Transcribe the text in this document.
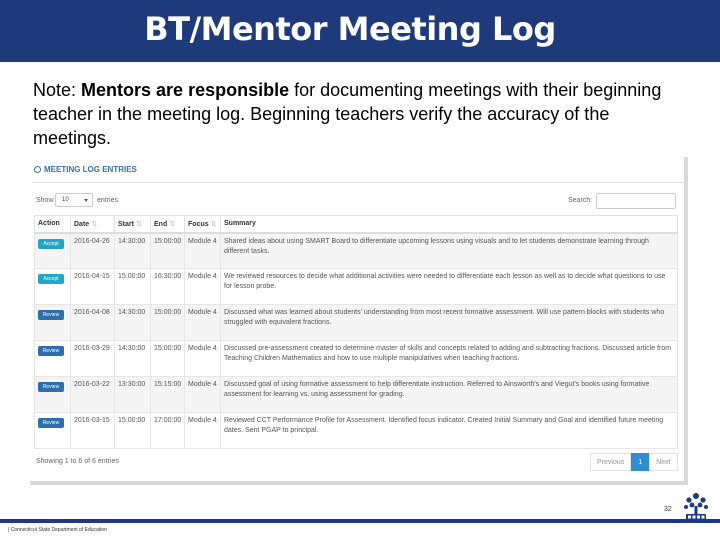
BT/Mentor Meeting Log
Note: Mentors are responsible for documenting meetings with their beginning teacher in the meeting log. Beginning teachers verify the accuracy of the meetings.
MEETING LOG ENTRIES
Show	10	entries	Search:
Action	Date ⇅	Start ⇅	End ⇅	Focus ⇅	Summary
Accept	2016-04-26	14:30:00	15:00:00	Module 4	Shared ideas about using SMART Board to differentiate upcoming lessons using visuals and to let students demonstrate learning through different tasks.
Accept	2016-04-15	15:00:00	16:30:00	Module 4	We reviewed resources to decide what additional activities were needed to differentiate each lesson as well as to decide what questions to use for lesson probe.
Review	2016-04-08	14:30:00	15:00:00	Module 4	Discussed what was learned about students' understanding from most recent formative assessment. Will use pattern blocks with students who struggled with equivalent fractions.
Review	2016-03-29	14:30:00	15:00:00	Module 4	Discussed pre-assessment created to determine master of skills and concepts related to adding and subtracting fractions. Discussed article from Teaching Children Mathematics and how to use multiple manipulatives when teaching fractions.
Review	2016-03-22	13:30:00	15:15:00	Module 4	Discussed goal of using formative assessment to help differentiate instruction. Referred to Ainsworth's and Viegut's books using formative assessment for learning vs. using assessment for grading.
Review	2016-03-15	15:00:00	17:00:00	Module 4	Reviewed CCT Performance Profile for Assessment. Identified focus indicator. Created Initial Summary and Goal and identified future meeting dates. Sent PGAP to principal.
Showing 1 to 6 of 6 entries	Previous	1	Next
32
| Connecticut State Department of Education
